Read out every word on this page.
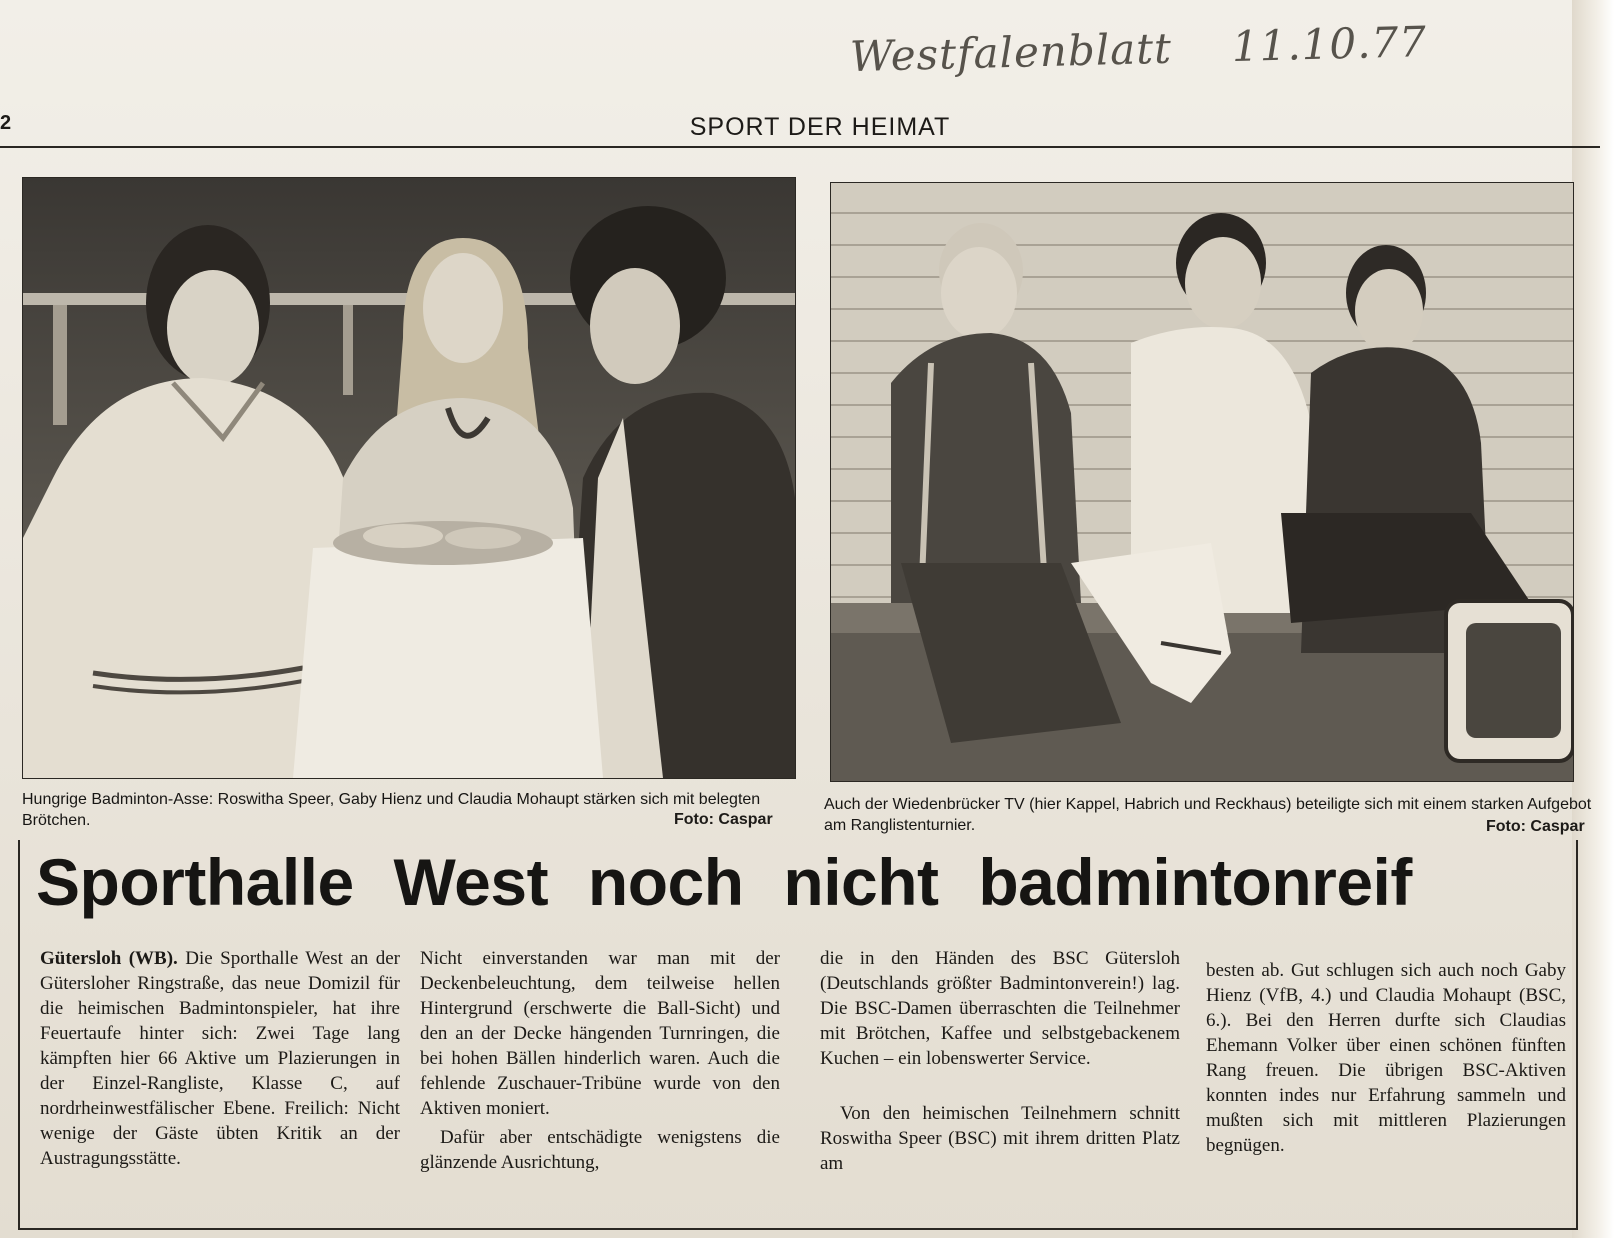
Westfalenblatt 11.10.77
2	SPORT DER HEIMAT
Hungrige Badminton-Asse: Roswitha Speer, Gaby Hienz und Claudia Mohaupt stärken sich mit belegten Brötchen.	Foto: Caspar
Auch der Wiedenbrücker TV (hier Kappel, Habrich und Reckhaus) beteiligte sich mit einem starken Aufgebot am Ranglistenturnier.	Foto: Caspar
Sporthalle West noch nicht badmintonreif

Gütersloh (WB). Die Sporthalle West an der Gütersloher Ringstraße, das neue Domizil für die heimischen Badmintonspieler, hat ihre Feuertaufe hinter sich: Zwei Tage lang kämpften hier 66 Aktive um Plazierungen in der Einzel-Rangliste, Klasse C, auf nordrheinwestfälischer Ebene. Freilich: Nicht wenige der Gäste übten Kritik an der Austragungsstätte.

Nicht einverstanden war man mit der Deckenbeleuchtung, dem teilweise hellen Hintergrund (erschwerte die Ball-Sicht) und den an der Decke hängenden Turnringen, die bei hohen Bällen hinderlich waren. Auch die fehlende Zuschauer-Tribüne wurde von den Aktiven moniert.

Dafür aber entschädigte wenigstens die glänzende Ausrichtung,

die in den Händen des BSC Gütersloh (Deutschlands größter Badmintonverein!) lag. Die BSC-Damen überraschten die Teilnehmer mit Brötchen, Kaffee und selbstgebackenem Kuchen – ein lobenswerter Service.

Von den heimischen Teilnehmern schnitt Roswitha Speer (BSC) mit ihrem dritten Platz am

besten ab. Gut schlugen sich auch noch Gaby Hienz (VfB, 4.) und Claudia Mohaupt (BSC, 6.). Bei den Herren durfte sich Claudias Ehemann Volker über einen schönen fünften Rang freuen. Die übrigen BSC-Aktiven konnten indes nur Erfahrung sammeln und mußten sich mit mittleren Plazierungen begnügen.
